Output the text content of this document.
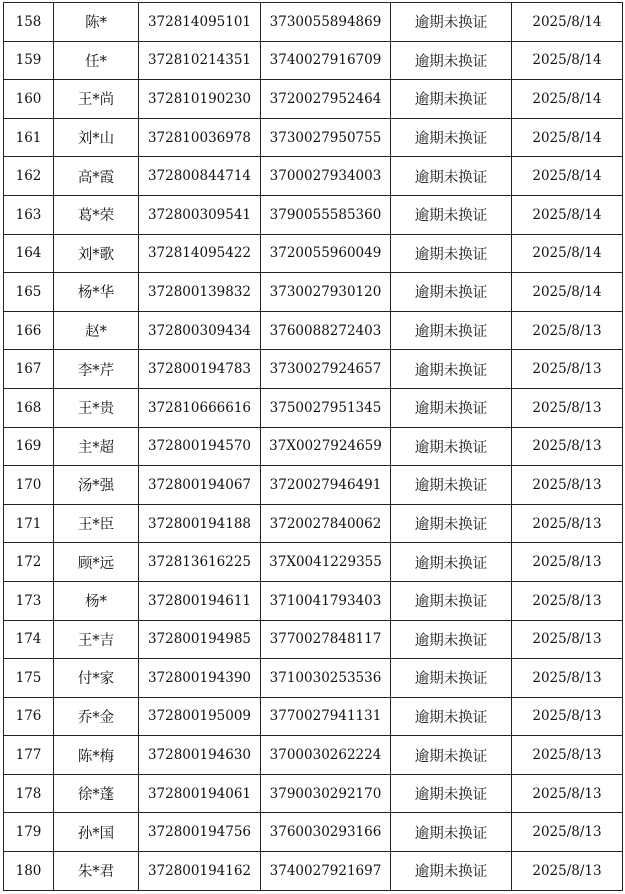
158	陈*	372814095101	3730055894869	逾期未换证	2025/8/14
159	任*	372810214351	3740027916709	逾期未换证	2025/8/14
160	王*尚	372810190230	3720027952464	逾期未换证	2025/8/14
161	刘*山	372810036978	3730027950755	逾期未换证	2025/8/14
162	高*霞	372800844714	3700027934003	逾期未换证	2025/8/14
163	葛*荣	372800309541	3790055585360	逾期未换证	2025/8/14
164	刘*歌	372814095422	3720055960049	逾期未换证	2025/8/14
165	杨*华	372800139832	3730027930120	逾期未换证	2025/8/14
166	赵*	372800309434	3760088272403	逾期未换证	2025/8/13
167	李*芹	372800194783	3730027924657	逾期未换证	2025/8/13
168	王*贵	372810666616	3750027951345	逾期未换证	2025/8/13
169	主*超	372800194570	37X0027924659	逾期未换证	2025/8/13
170	汤*强	372800194067	3720027946491	逾期未换证	2025/8/13
171	王*臣	372800194188	3720027840062	逾期未换证	2025/8/13
172	顾*远	372813616225	37X0041229355	逾期未换证	2025/8/13
173	杨*	372800194611	3710041793403	逾期未换证	2025/8/13
174	王*吉	372800194985	3770027848117	逾期未换证	2025/8/13
175	付*家	372800194390	3710030253536	逾期未换证	2025/8/13
176	乔*金	372800195009	3770027941131	逾期未换证	2025/8/13
177	陈*梅	372800194630	3700030262224	逾期未换证	2025/8/13
178	徐*蓬	372800194061	3790030292170	逾期未换证	2025/8/13
179	孙*国	372800194756	3760030293166	逾期未换证	2025/8/13
180	朱*君	372800194162	3740027921697	逾期未换证	2025/8/13
